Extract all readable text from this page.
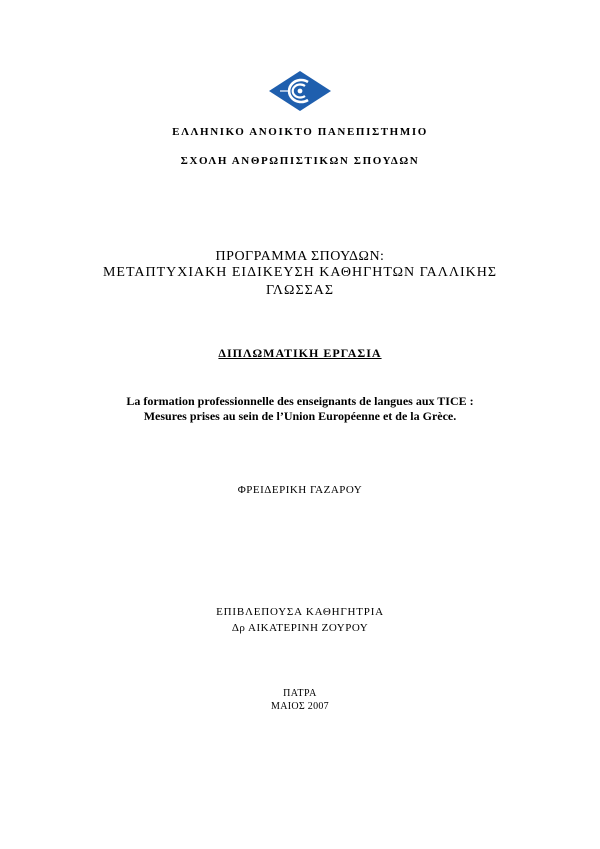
ΕΛΛΗΝΙΚΟ ΑΝΟΙΚΤΟ ΠΑΝΕΠΙΣΤΗΜΙΟ
ΣΧΟΛΗ ΑΝΘΡΩΠΙΣΤΙΚΩΝ ΣΠΟΥΔΩΝ
ΠΡΟΓΡΑΜΜΑ ΣΠΟΥΔΩΝ:
ΜΕΤΑΠΤΥΧΙΑΚΗ ΕΙΔΙΚΕΥΣΗ ΚΑΘΗΓΗΤΩΝ ΓΑΛΛΙΚΗΣ
ΓΛΩΣΣΑΣ
ΔΙΠΛΩΜΑΤΙΚΗ ΕΡΓΑΣΙΑ
La formation professionnelle des enseignants de langues aux TICE :
Mesures prises au sein de l’Union Européenne et de la Grèce.
ΦΡΕΙΔΕΡΙΚΗ ΓΑΖΑΡΟΥ
ΕΠΙΒΛΕΠΟΥΣΑ ΚΑΘΗΓΗΤΡΙΑ
Δρ ΑΙΚΑΤΕΡΙΝΗ ΖΟΥΡΟΥ
ΠΑΤΡΑ
ΜΑΙΟΣ 2007
